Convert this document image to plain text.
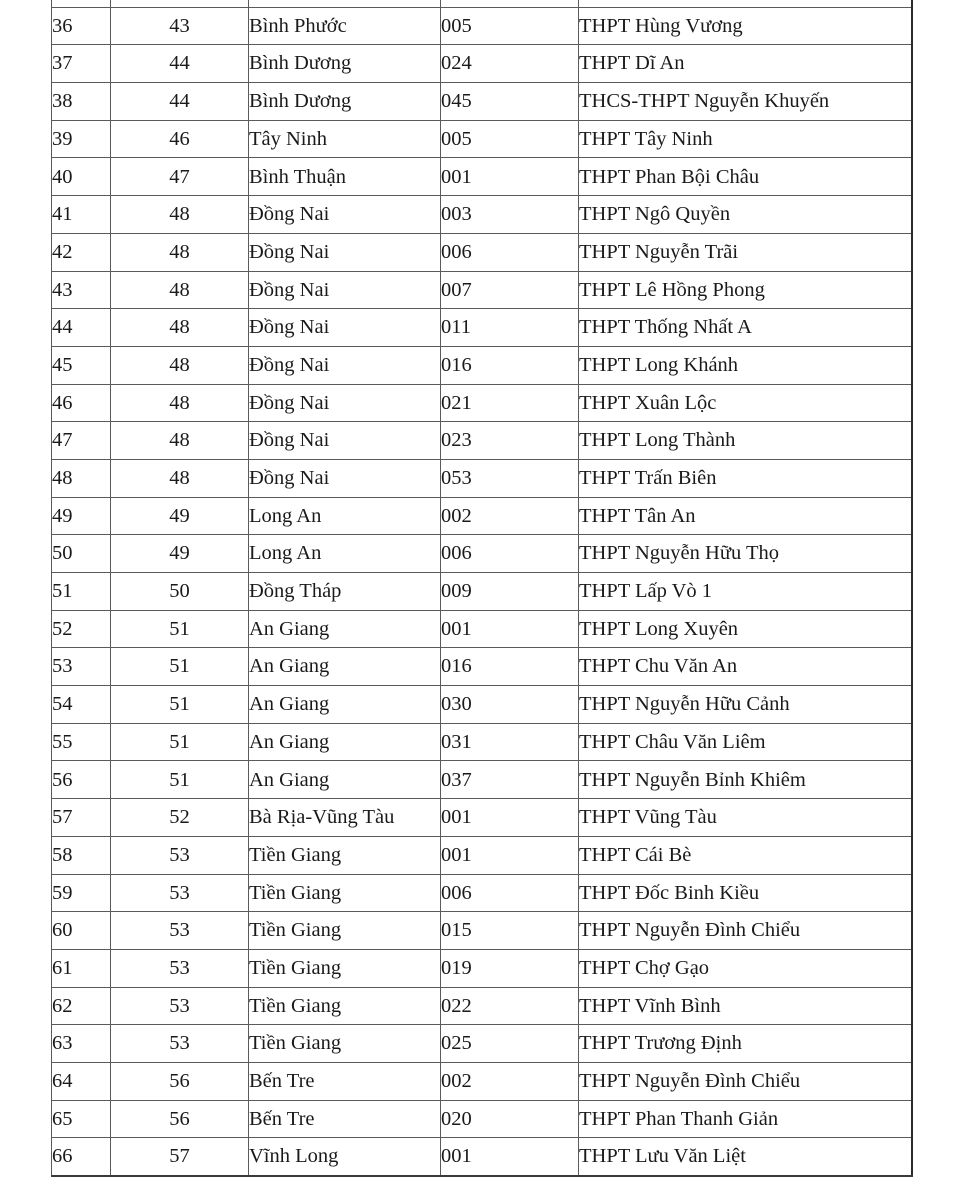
36	43	Bình Phước	005	THPT Hùng Vương
37	44	Bình Dương	024	THPT Dĩ An
38	44	Bình Dương	045	THCS-THPT Nguyễn Khuyến
39	46	Tây Ninh	005	THPT Tây Ninh
40	47	Bình Thuận	001	THPT Phan Bội Châu
41	48	Đồng Nai	003	THPT Ngô Quyền
42	48	Đồng Nai	006	THPT Nguyễn Trãi
43	48	Đồng Nai	007	THPT Lê Hồng Phong
44	48	Đồng Nai	011	THPT Thống Nhất A
45	48	Đồng Nai	016	THPT Long Khánh
46	48	Đồng Nai	021	THPT Xuân Lộc
47	48	Đồng Nai	023	THPT Long Thành
48	48	Đồng Nai	053	THPT Trấn Biên
49	49	Long An	002	THPT Tân An
50	49	Long An	006	THPT Nguyễn Hữu Thọ
51	50	Đồng Tháp	009	THPT Lấp Vò 1
52	51	An Giang	001	THPT Long Xuyên
53	51	An Giang	016	THPT Chu Văn An
54	51	An Giang	030	THPT Nguyễn Hữu Cảnh
55	51	An Giang	031	THPT Châu Văn Liêm
56	51	An Giang	037	THPT Nguyễn Bỉnh Khiêm
57	52	Bà Rịa-Vũng Tàu	001	THPT Vũng Tàu
58	53	Tiền Giang	001	THPT Cái Bè
59	53	Tiền Giang	006	THPT Đốc Binh Kiều
60	53	Tiền Giang	015	THPT Nguyễn Đình Chiểu
61	53	Tiền Giang	019	THPT Chợ Gạo
62	53	Tiền Giang	022	THPT Vĩnh Bình
63	53	Tiền Giang	025	THPT Trương Định
64	56	Bến Tre	002	THPT Nguyễn Đình Chiểu
65	56	Bến Tre	020	THPT Phan Thanh Giản
66	57	Vĩnh Long	001	THPT Lưu Văn Liệt
